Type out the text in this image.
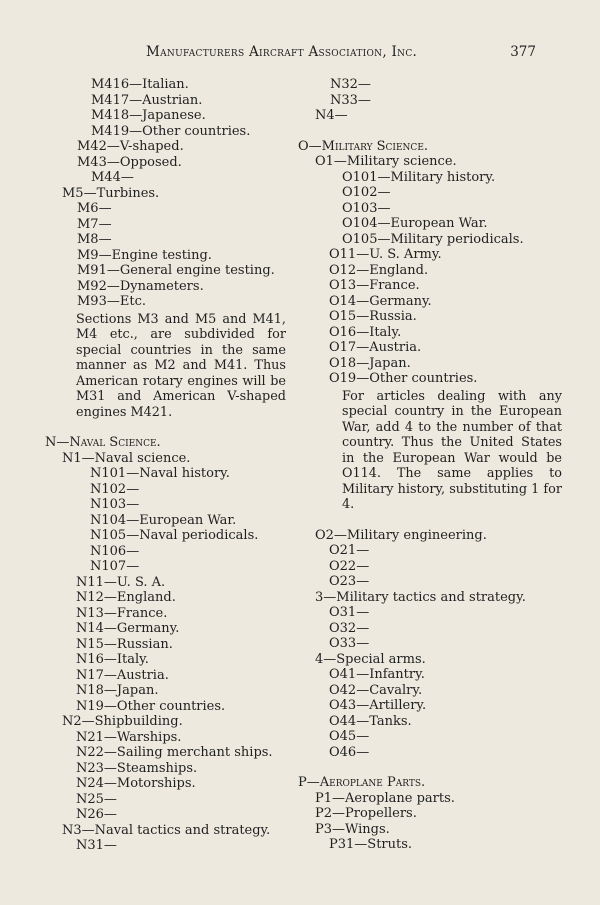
Manufacturers Aircraft Association, Inc.	377
M416—Italian.
M417—Austrian.
M418—Japanese.
M419—Other countries.
M42—V-shaped.
M43—Opposed.
M44—
M5—Turbines.
M6—
M7—
M8—
M9—Engine testing.
M91—General engine testing.
M92—Dynameters.
M93—Etc.
Sections M3 and M5 and M41, M4 etc., are subdivided for special countries in the same manner as M2 and M41. Thus American rotary engines will be M31 and American V-shaped engines M421.
N—Naval Science.
N1—Naval science.
N101—Naval history.
N102—
N103—
N104—European War.
N105—Naval periodicals.
N106—
N107—
N11—U. S. A.
N12—England.
N13—France.
N14—Germany.
N15—Russian.
N16—Italy.
N17—Austria.
N18—Japan.
N19—Other countries.
N2—Shipbuilding.
N21—Warships.
N22—Sailing merchant ships.
N23—Steamships.
N24—Motorships.
N25—
N26—
N3—Naval tactics and strategy.
N31—
N32—
N33—
N4—
O—Military Science.
O1—Military science.
O101—Military history.
O102—
O103—
O104—European War.
O105—Military periodicals.
O11—U. S. Army.
O12—England.
O13—France.
O14—Germany.
O15—Russia.
O16—Italy.
O17—Austria.
O18—Japan.
O19—Other countries.
For articles dealing with any special country in the European War, add 4 to the number of that country. Thus the United States in the European War would be O114. The same applies to Military history, substituting 1 for 4.
O2—Military engineering.
O21—
O22—
O23—
3—Military tactics and strategy.
O31—
O32—
O33—
4—Special arms.
O41—Infantry.
O42—Cavalry.
O43—Artillery.
O44—Tanks.
O45—
O46—
P—Aeroplane Parts.
P1—Aeroplane parts.
P2—Propellers.
P3—Wings.
P31—Struts.
